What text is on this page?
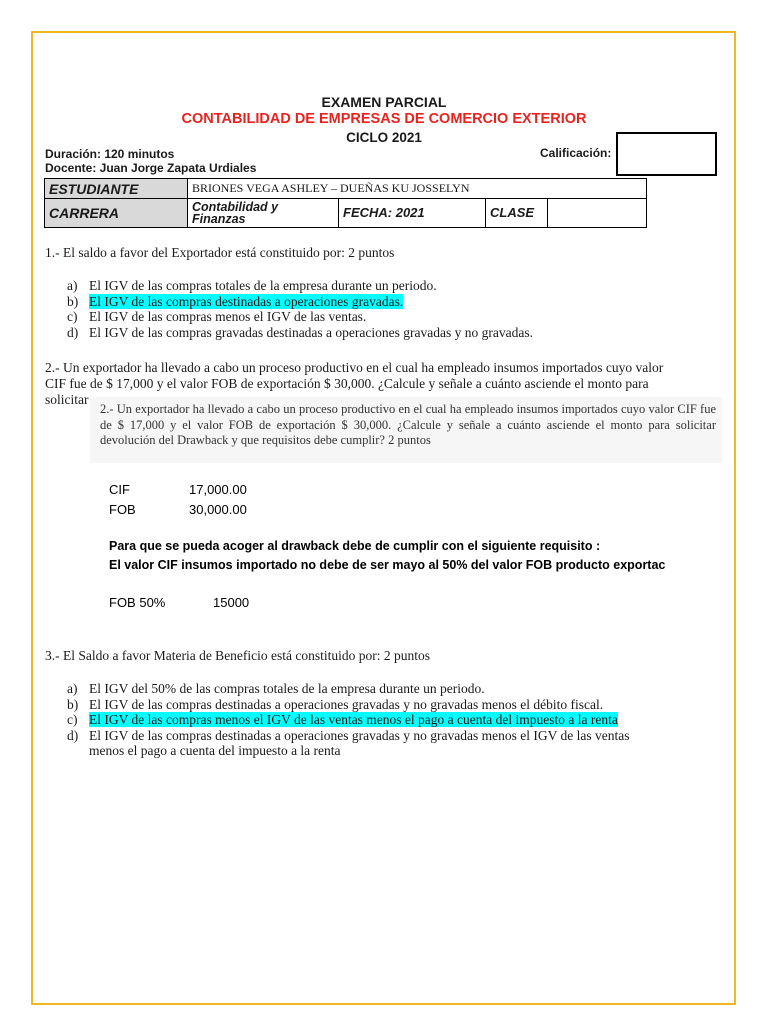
EXAMEN PARCIAL
CONTABILIDAD DE EMPRESAS DE COMERCIO EXTERIOR
CICLO 2021
Duración: 120 minutos
Docente: Juan Jorge Zapata Urdiales
Calificación:
ESTUDIANTE	BRIONES VEGA ASHLEY – DUEÑAS KU JOSSELYN			
CARRERA	Contabilidad y Finanzas	FECHA: 2021	CLASE	
1.- El saldo a favor del Exportador está constituido por: 2 puntos
a) El IGV de las compras totales de la empresa durante un periodo.
b) El IGV de las compras destinadas a operaciones gravadas.
c) El IGV de las compras menos el IGV de las ventas.
d) El IGV de las compras gravadas destinadas a operaciones gravadas y no gravadas.
2.- Un exportador ha llevado a cabo un proceso productivo en el cual ha empleado insumos importados cuyo valor
CIF fue de $ 17,000 y el valor FOB de exportación $ 30,000. ¿Calcule y señale a cuánto asciende el monto para
solicitar

2.- Un exportador ha llevado a cabo un proceso productivo en el cual ha empleado insumos importados cuyo valor CIF fue de $ 17,000 y el valor FOB de exportación $ 30,000. ¿Calcule y señale a cuánto asciende el monto para solicitar devolución del Drawback y que requisitos debe cumplir? 2 puntos

CIF	17,000.00
FOB	30,000.00
Para que se pueda acoger al drawback debe de cumplir con el siguiente requisito :
El valor CIF insumos importado no debe de ser mayo al 50% del valor FOB producto exportac
FOB 50%	15000
3.- El Saldo a favor Materia de Beneficio está constituido por: 2 puntos
a) El IGV del 50% de las compras totales de la empresa durante un periodo.
b) El IGV de las compras destinadas a operaciones gravadas y no gravadas menos el débito fiscal.
c) El IGV de las compras menos el IGV de las ventas menos el pago a cuenta del impuesto a la renta
d) El IGV de las compras destinadas a operaciones gravadas y no gravadas menos el IGV de las ventas menos el pago a cuenta del impuesto a la renta
